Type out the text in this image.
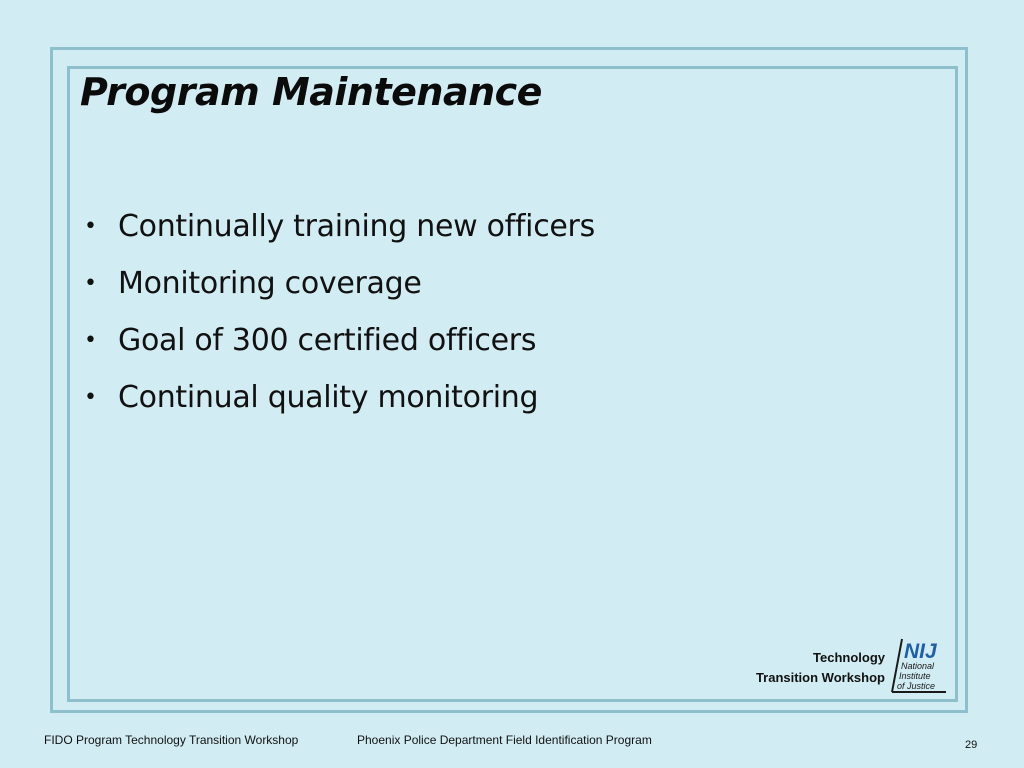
Program Maintenance
• Continually training new officers
• Monitoring coverage
• Goal of 300 certified officers
• Continual quality monitoring
Technology
Transition Workshop
NIJ
National
Institute
of Justice
FIDO Program Technology Transition Workshop	Phoenix Police Department Field Identification Program	29
